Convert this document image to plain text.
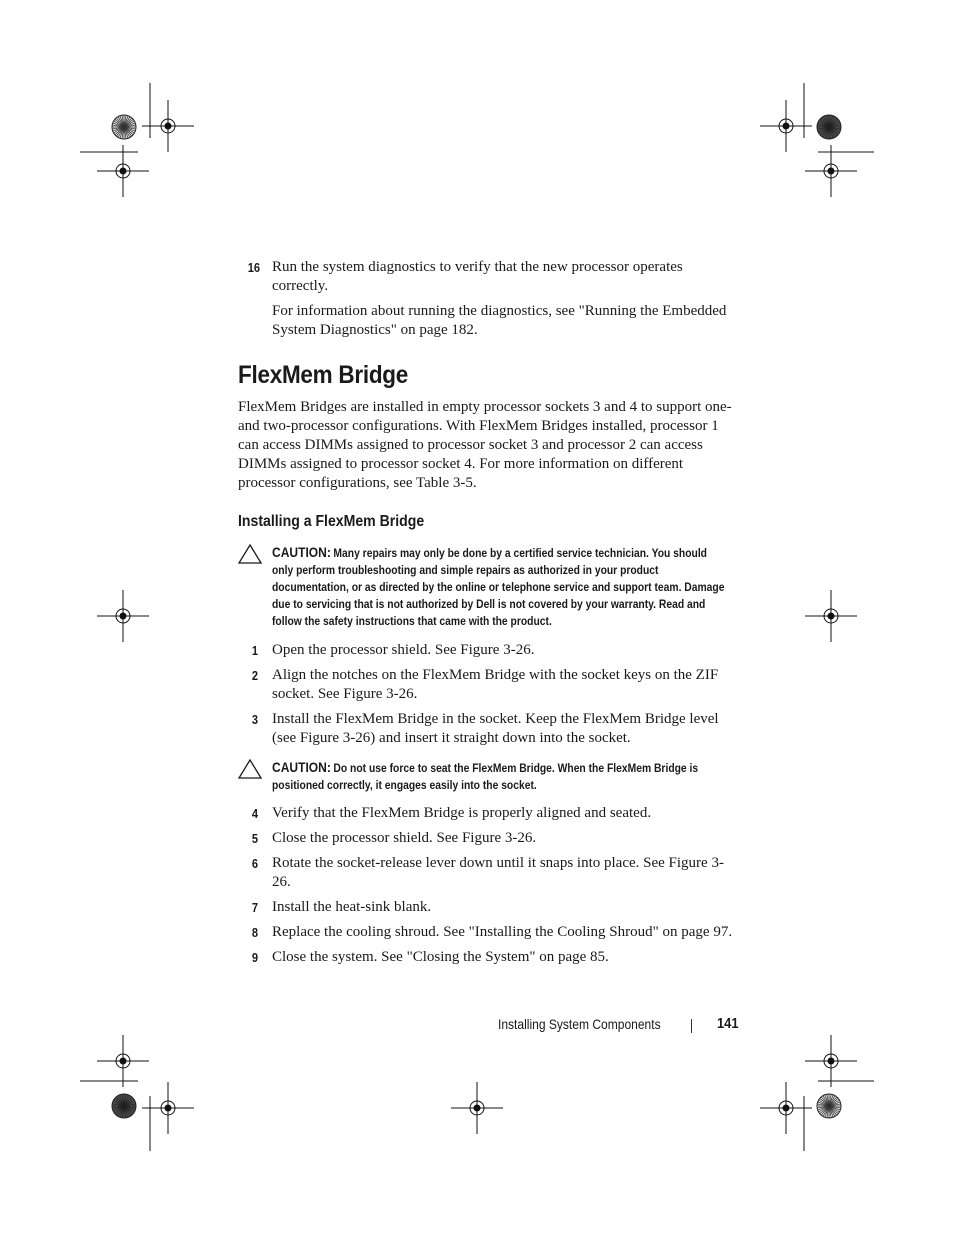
16 Run the system diagnostics to verify that the new processor operates correctly.
For information about running the diagnostics, see "Running the Embedded System Diagnostics" on page 182.
FlexMem Bridge

FlexMem Bridges are installed in empty processor sockets 3 and 4 to support one- and two-processor configurations. With FlexMem Bridges installed, processor 1 can access DIMMs assigned to processor socket 3 and processor 2 can access DIMMs assigned to processor socket 4. For more information on different processor configurations, see Table 3-5.

Installing a FlexMem Bridge
CAUTION: Many repairs may only be done by a certified service technician. You should only perform troubleshooting and simple repairs as authorized in your product documentation, or as directed by the online or telephone service and support team. Damage due to servicing that is not authorized by Dell is not covered by your warranty. Read and follow the safety instructions that came with the product.
1 Open the processor shield. See Figure 3-26.
2 Align the notches on the FlexMem Bridge with the socket keys on the ZIF socket. See Figure 3-26.
3 Install the FlexMem Bridge in the socket. Keep the FlexMem Bridge level (see Figure 3-26) and insert it straight down into the socket.
CAUTION: Do not use force to seat the FlexMem Bridge. When the FlexMem Bridge is positioned correctly, it engages easily into the socket.
4 Verify that the FlexMem Bridge is properly aligned and seated.
5 Close the processor shield. See Figure 3-26.
6 Rotate the socket-release lever down until it snaps into place. See Figure 3-26.
7 Install the heat-sink blank.
8 Replace the cooling shroud. See "Installing the Cooling Shroud" on page 97.
9 Close the system. See "Closing the System" on page 85.
Installing System Components	141
